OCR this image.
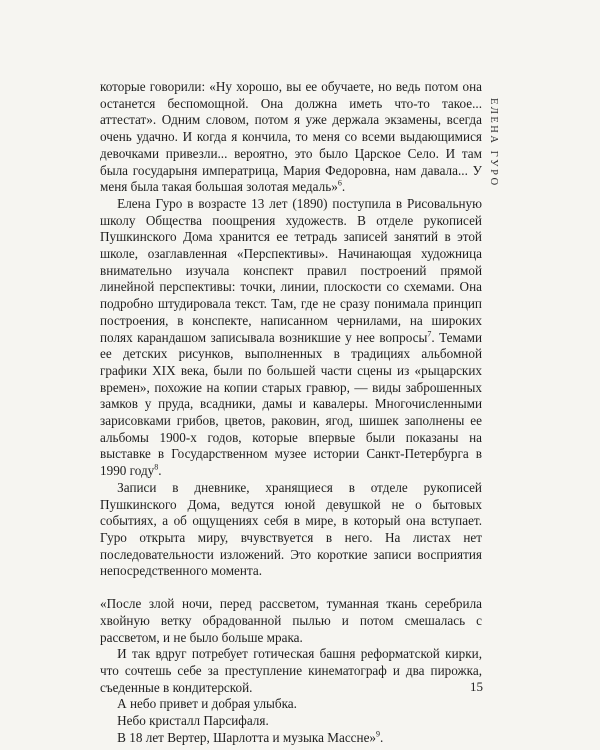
ЕЛЕНА ГУРО

которые говорили: «Ну хорошо, вы ее обучаете, но ведь потом она останется беспомощной. Она должна иметь что-то такое... аттестат». Одним словом, потом я уже держала экзамены, всегда очень удачно. И когда я кончила, то меня со всеми выдающимися девочками привезли... вероятно, это было Царское Село. И там была государыня императрица, Мария Федоровна, нам давала... У меня была такая большая золотая медаль»$^6$.

Елена Гуро в возрасте 13 лет (1890) поступила в Рисовальную школу Общества поощрения художеств. В отделе рукописей Пушкинского Дома хранится ее тетрадь записей занятий в этой школе, озаглавленная «Перспективы». Начинающая художница внимательно изучала конспект правил построений прямой линейной перспективы: точки, линии, плоскости со схемами. Она подробно штудировала текст. Там, где не сразу понимала принцип построения, в конспекте, написанном чернилами, на широких полях карандашом записывала возникшие у нее вопросы$^7$. Темами ее детских рисунков, выполненных в традициях альбомной графики XIX века, были по большей части сцены из «рыцарских времен», похожие на копии старых гравюр, — виды заброшенных замков у пруда, всадники, дамы и кавалеры. Многочисленными зарисовками грибов, цветов, раковин, ягод, шишек заполнены ее альбомы 1900-х годов, которые впервые были показаны на выставке в Государственном музее истории Санкт-Петербурга в 1990 году$^8$.

Записи в дневнике, хранящиеся в отделе рукописей Пушкинского Дома, ведутся юной девушкой не о бытовых событиях, а об ощущениях себя в мире, в который она вступает. Гуро открыта миру, вчувствуется в него. На листах нет последовательности изложений. Это короткие записи восприятия непосредственного момента.

«После злой ночи, перед рассветом, туманная ткань серебрила хвойную ветку обрадованной пылью и потом смешалась с рассветом, и не было больше мрака.

И так вдруг потребует готическая башня реформатской кирки, что сочтешь себе за преступление кинематограф и два пирожка, съеденные в кондитерской.

А небо привет и добрая улыбка.

Небо кристалл Парсифаля.

В 18 лет Вертер, Шарлотта и музыка Массне»$^9$.

15
